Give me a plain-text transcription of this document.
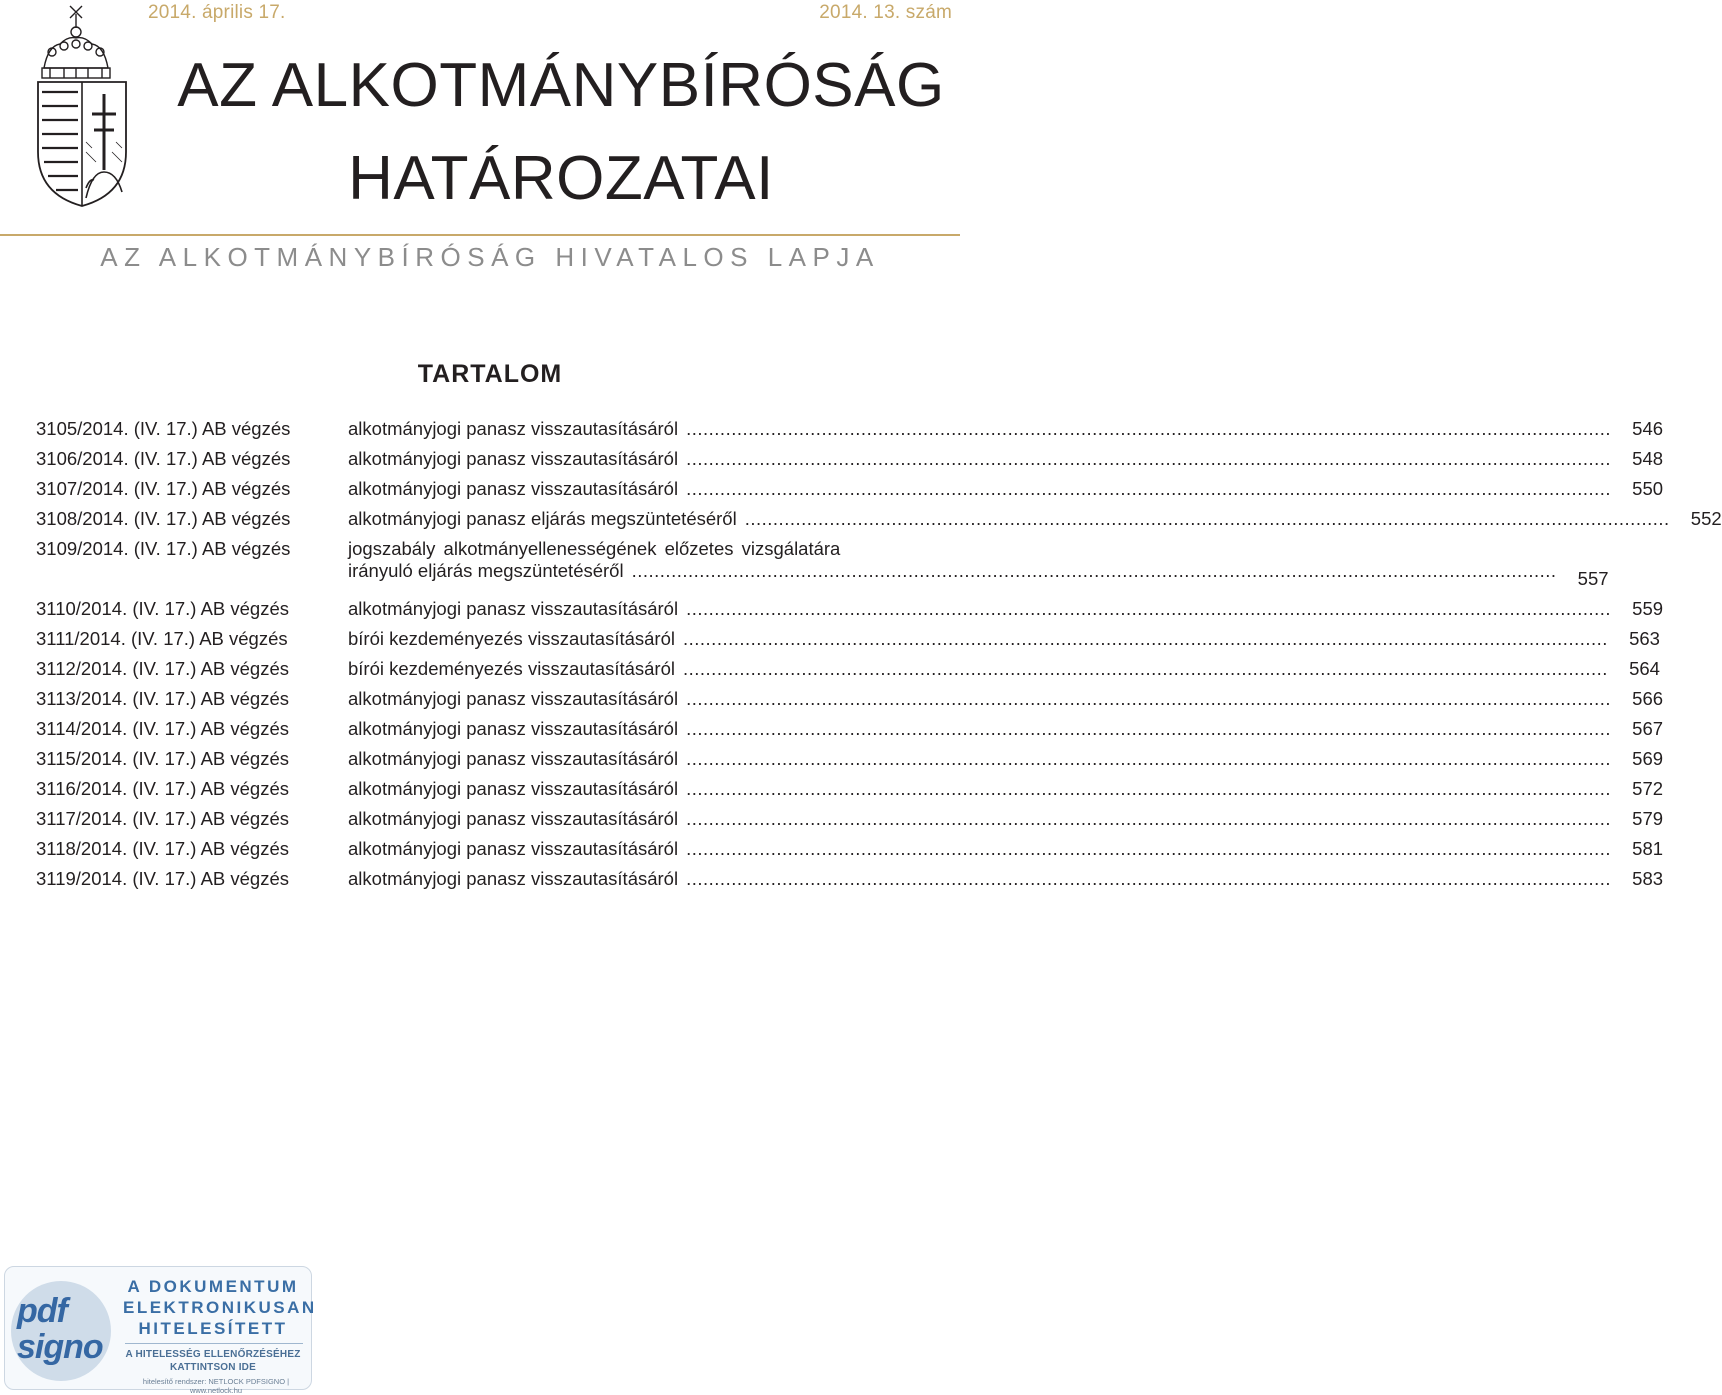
2014. április 17.	2014. 13. szám
AZ ALKOTMÁNYBÍRÓSÁG
HATÁROZATAI
AZ ALKOTMÁNYBÍRÓSÁG HIVATALOS LAPJA
TARTALOM
3105/2014. (IV. 17.) AB végzés	alkotmányjogi panasz visszautasításáról .....	546
3106/2014. (IV. 17.) AB végzés	alkotmányjogi panasz visszautasításáról .....	548
3107/2014. (IV. 17.) AB végzés	alkotmányjogi panasz visszautasításáról .....	550
3108/2014. (IV. 17.) AB végzés	alkotmányjogi panasz eljárás megszüntetéséről .....	552
3109/2014. (IV. 17.) AB végzés	jogszabály alkotmányellenességének előzetes vizsgálatára
irányuló eljárás megszüntetéséről .....	557
3110/2014. (IV. 17.) AB végzés	alkotmányjogi panasz visszautasításáról .....	559
3111/2014. (IV. 17.) AB végzés	bírói kezdeményezés visszautasításáról .....	563
3112/2014. (IV. 17.) AB végzés	bírói kezdeményezés visszautasításáról .....	564
3113/2014. (IV. 17.) AB végzés	alkotmányjogi panasz visszautasításáról .....	566
3114/2014. (IV. 17.) AB végzés	alkotmányjogi panasz visszautasításáról .....	567
3115/2014. (IV. 17.) AB végzés	alkotmányjogi panasz visszautasításáról .....	569
3116/2014. (IV. 17.) AB végzés	alkotmányjogi panasz visszautasításáról .....	572
3117/2014. (IV. 17.) AB végzés	alkotmányjogi panasz visszautasításáról .....	579
3118/2014. (IV. 17.) AB végzés	alkotmányjogi panasz visszautasításáról .....	581
3119/2014. (IV. 17.) AB végzés	alkotmányjogi panasz visszautasításáról .....	583
pdf signo
A DOKUMENTUM
ELEKTRONIKUSAN
HITELESÍTETT
A HITELESSÉG ELLENŐRZÉSÉHEZ
KATTINTSON IDE
hitelesítő rendszer: NETLOCK PDFSIGNO | www.netlock.hu
